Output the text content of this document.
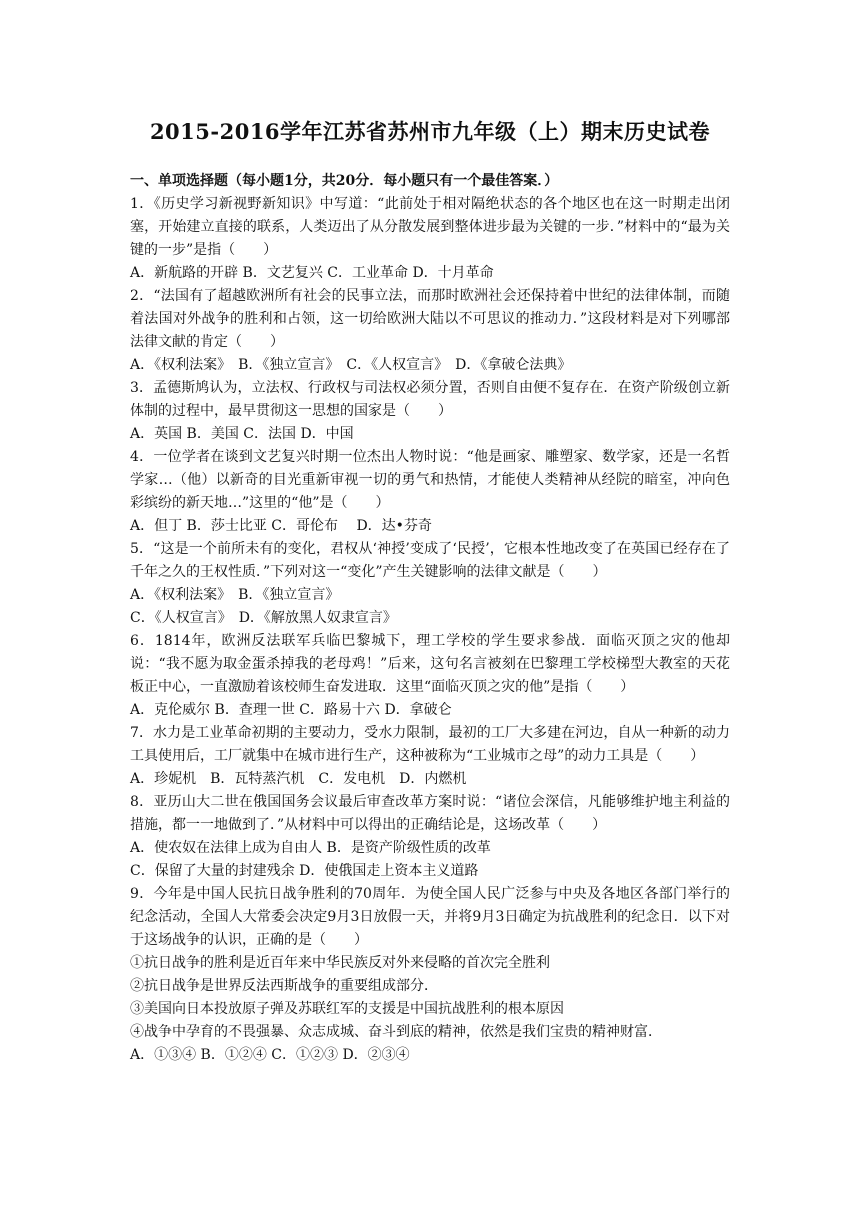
2015-2016学年江苏省苏州市九年级（上）期末历史试卷

一、单项选择题（每小题1分，共20分．每小题只有一个最佳答案．）

1．《历史学习新视野新知识》中写道：“此前处于相对隔绝状态的各个地区也在这一时期走出闭塞，开始建立直接的联系，人类迈出了从分散发展到整体进步最为关键的一步．”材料中的“最为关键的一步”是指（　　）

A．新航路的开辟 B．文艺复兴 C．工业革命 D．十月革命

2．“法国有了超越欧洲所有社会的民事立法，而那时欧洲社会还保持着中世纪的法律体制，而随着法国对外战争的胜利和占领，这一切给欧洲大陆以不可思议的推动力．”这段材料是对下列哪部法律文献的肯定（　　）

A．《权利法案》　B．《独立宣言》　C．《人权宣言》　D．《拿破仑法典》

3．孟德斯鸠认为，立法权、行政权与司法权必须分置，否则自由便不复存在．在资产阶级创立新体制的过程中，最早贯彻这一思想的国家是（　　）

A．英国 B．美国 C．法国 D．中国

4．一位学者在谈到文艺复兴时期一位杰出人物时说：“他是画家、雕塑家、数学家，还是一名哲学家…（他）以新奇的目光重新审视一切的勇气和热情，才能使人类精神从经院的暗室，冲向色彩缤纷的新天地…”这里的“他”是（　　）

A．但丁 B．莎士比亚 C．哥伦布　 D．达•芬奇

5．“这是一个前所未有的变化，君权从‘神授’变成了‘民授’，它根本性地改变了在英国已经存在了千年之久的王权性质．”下列对这一“变化”产生关键影响的法律文献是（　　）

A．《权利法案》　B．《独立宣言》

C．《人权宣言》　D．《解放黑人奴隶宣言》

6．1814年，欧洲反法联军兵临巴黎城下，理工学校的学生要求参战．面临灭顶之灾的他却说：“我不愿为取金蛋杀掉我的老母鸡！”后来，这句名言被刻在巴黎理工学校梯型大教室的天花板正中心，一直激励着该校师生奋发进取．这里“面临灭顶之灾的他”是指（　　）

A．克伦威尔 B．查理一世 C．路易十六 D．拿破仑

7．水力是工业革命初期的主要动力，受水力限制，最初的工厂大多建在河边，自从一种新的动力工具使用后，工厂就集中在城市进行生产，这种被称为“工业城市之母”的动力工具是（　　）

A．珍妮机　B．瓦特蒸汽机　C．发电机　D．内燃机

8．亚历山大二世在俄国国务会议最后审查改革方案时说：“诸位会深信，凡能够维护地主利益的措施，都一一地做到了．”从材料中可以得出的正确结论是，这场改革（　　）

A．使农奴在法律上成为自由人 B．是资产阶级性质的改革

C．保留了大量的封建残余 D．使俄国走上资本主义道路

9．今年是中国人民抗日战争胜利的70周年．为使全国人民广泛参与中央及各地区各部门举行的纪念活动，全国人大常委会决定9月3日放假一天，并将9月3日确定为抗战胜利的纪念日．以下对于这场战争的认识，正确的是（　　）

①抗日战争的胜利是近百年来中华民族反对外来侵略的首次完全胜利
②抗日战争是世界反法西斯战争的重要组成部分．
③美国向日本投放原子弹及苏联红军的支援是中国抗战胜利的根本原因
④战争中孕育的不畏强暴、众志成城、奋斗到底的精神，依然是我们宝贵的精神财富．

A．①③④ B．①②④ C．①②③ D．②③④
